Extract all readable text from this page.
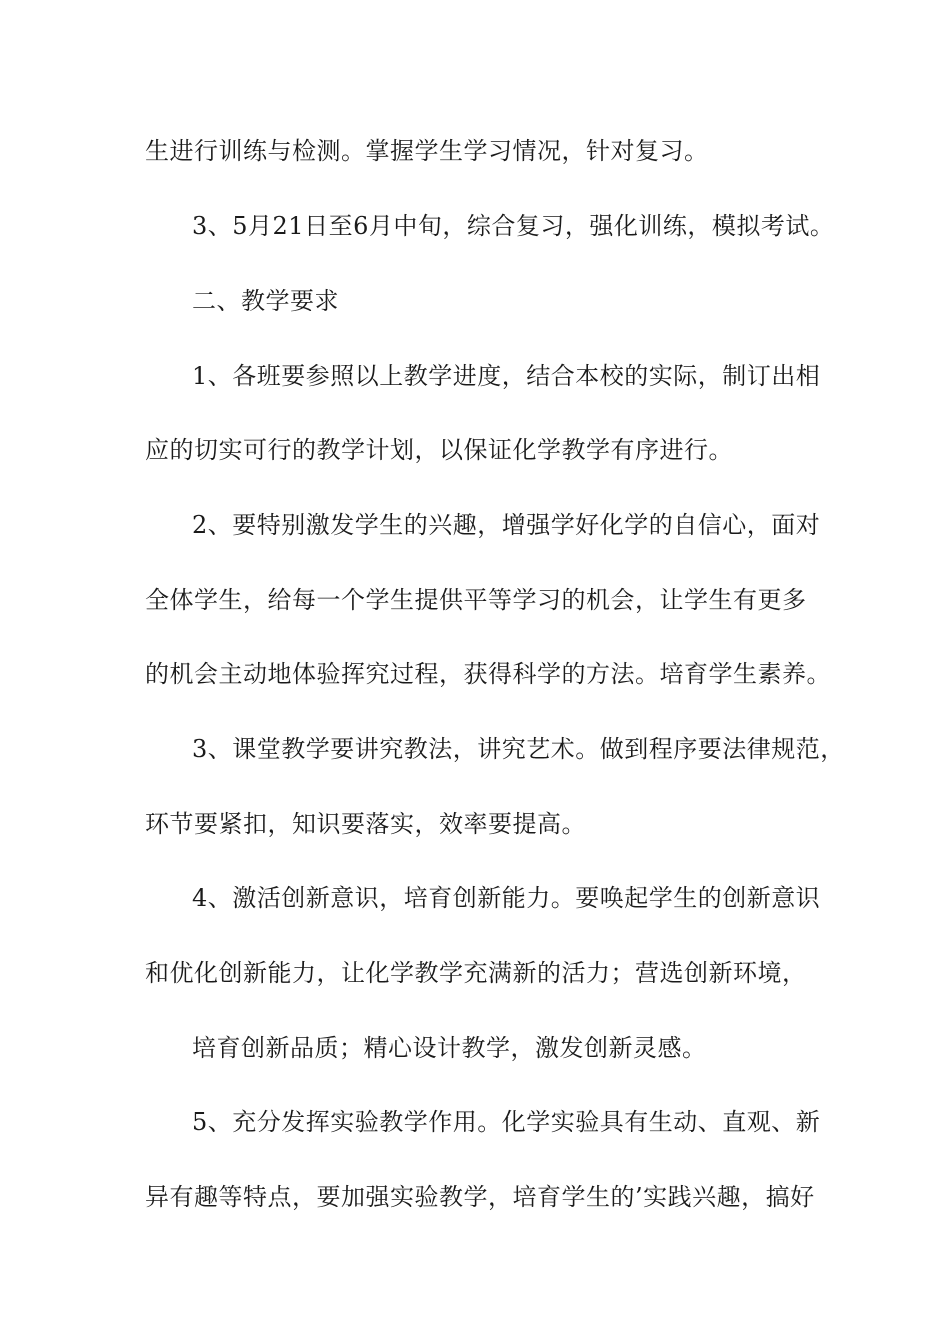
生进行训练与检测。掌握学生学习情况，针对复习。
3、5月21日至6月中旬，综合复习，强化训练，模拟考试。
二、教学要求
1、各班要参照以上教学进度，结合本校的实际，制订出相
应的切实可行的教学计划，以保证化学教学有序进行。
2、要特别激发学生的兴趣，增强学好化学的自信心，面对
全体学生，给每一个学生提供平等学习的机会，让学生有更多
的机会主动地体验挥究过程，获得科学的方法。培育学生素养。
3、课堂教学要讲究教法，讲究艺术。做到程序要法律规范，
环节要紧扣，知识要落实，效率要提高。
4、激活创新意识，培育创新能力。要唤起学生的创新意识
和优化创新能力，让化学教学充满新的活力；营选创新环境，
培育创新品质；精心设计教学，激发创新灵感。
5、充分发挥实验教学作用。化学实验具有生动、直观、新
异有趣等特点，要加强实验教学，培育学生的’实践兴趣，搞好
